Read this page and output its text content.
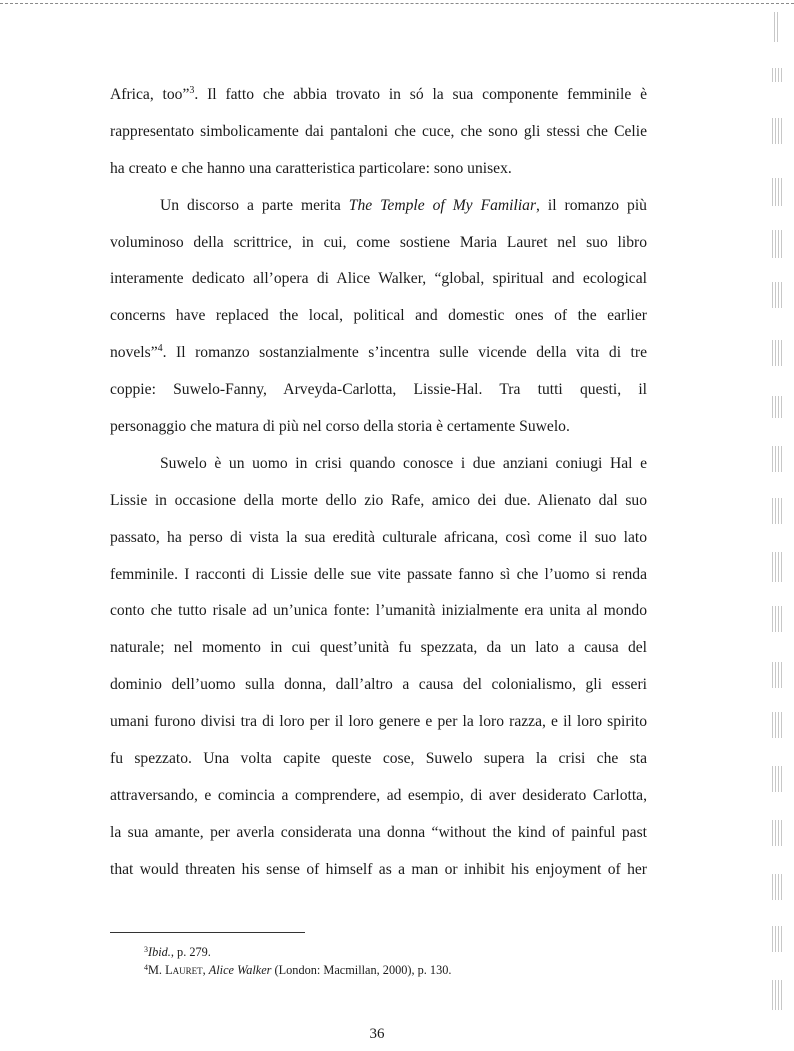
Africa, too”$^3$. Il fatto che abbia trovato in só la sua componente femminile è
rappresentato simbolicamente dai pantaloni che cuce, che sono gli stessi che Celie
ha creato e che hanno una caratteristica particolare: sono unisex.
Un discorso a parte merita The Temple of My Familiar, il romanzo più
voluminoso della scrittrice, in cui, come sostiene Maria Lauret nel suo libro
interamente dedicato all’opera di Alice Walker, “global, spiritual and ecological
concerns have replaced the local, political and domestic ones of the earlier
novels”$^4$. Il romanzo sostanzialmente s’incentra sulle vicende della vita di tre
coppie: Suwelo-Fanny, Arveyda-Carlotta, Lissie-Hal. Tra tutti questi, il
personaggio che matura di più nel corso della storia è certamente Suwelo.
Suwelo è un uomo in crisi quando conosce i due anziani coniugi Hal e
Lissie in occasione della morte dello zio Rafe, amico dei due. Alienato dal suo
passato, ha perso di vista la sua eredità culturale africana, così come il suo lato
femminile. I racconti di Lissie delle sue vite passate fanno sì che l’uomo si renda
conto che tutto risale ad un’unica fonte: l’umanità inizialmente era unita al mondo
naturale; nel momento in cui quest’unità fu spezzata, da un lato a causa del
dominio dell’uomo sulla donna, dall’altro a causa del colonialismo, gli esseri
umani furono divisi tra di loro per il loro genere e per la loro razza, e il loro spirito
fu spezzato. Una volta capite queste cose, Suwelo supera la crisi che sta
attraversando, e comincia a comprendere, ad esempio, di aver desiderato Carlotta,
la sua amante, per averla considerata una donna “without the kind of painful past
that would threaten his sense of himself as a man or inhibit his enjoyment of her
$^3$Ibid., p. 279.
$^4$M. Lauret, Alice Walker (London: Macmillan, 2000), p. 130.
36
